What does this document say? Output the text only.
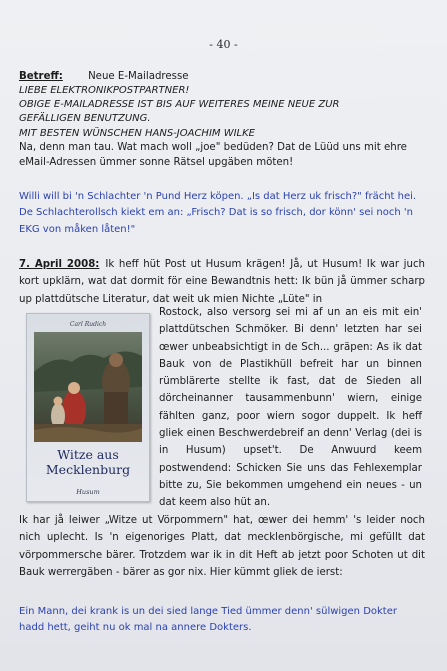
- 40 -
Betreff: Neue E-Mailadresse
LIEBE ELEKTRONIKPOSTPARTNER!
OBIGE E-MAILADRESSE IST BIS AUF WEITERES MEINE NEUE ZUR
GEFÄLLIGEN BENUTZUNG.
MIT BESTEN WÜNSCHEN HANS-JOACHIM WILKE
Na, denn man tau. Wat mach woll „joe" bedüden? Dat de Lüüd uns mit ehre eMail-Adressen ümmer sonne Rätsel upgäben möten!
Willi will bi 'n Schlachter 'n Pund Herz köpen. „Is dat Herz uk frisch?" frächt hei. De Schlachterollsch kiekt em an: „Frisch? Dat is so frisch, dor könn' sei noch 'n EKG von måken låten!"
7. April 2008: Ik heff hüt Post ut Husum krägen! Jå, ut Husum! Ik war juch kort upklärn, wat dat dormit för eine Bewandtnis hett: Ik bün jå ümmer scharp up plattdütsche Literatur, dat weit uk mien Nichte „Lüte" in
Carl Rudich
Witze aus Mecklenburg
Husum
Rostock, also versorg sei mi af un an eis mit ein' plattdütschen Schmöker. Bi denn' letzten har sei œwer unbeabsichtigt in de Sch... gräpen: As ik dat Bauk von de Plastikhüll befreit har un binnen rümblärerte stellte ik fast, dat de Sieden all dörcheinanner tausammenbunn' wiern, einige fählten ganz, poor wiern sogor duppelt. Ik heff gliek einen Beschwerdebreif an denn' Verlag (dei is in Husum) upset't. De Anwuurd keem postwendend: Schicken Sie uns das Fehlexemplar bitte zu, Sie bekommen umgehend ein neues - un dat keem also hüt an.
Ik har jå leiwer „Witze ut Vörpommern" hat, œwer dei hemm' 's leider noch nich uplecht. Is 'n eigenoriges Platt, dat mecklenbörgische, mi gefüllt dat vörpommersche bärer. Trotzdem war ik in dit Heft ab jetzt poor Schoten ut dit Bauk werrergäben - bärer as gor nix. Hier kümmt gliek de ierst:
Ein Mann, dei krank is un dei sied lange Tied ümmer denn' sülwigen Dokter hadd hett, geiht nu ok mal na annere Dokters.
